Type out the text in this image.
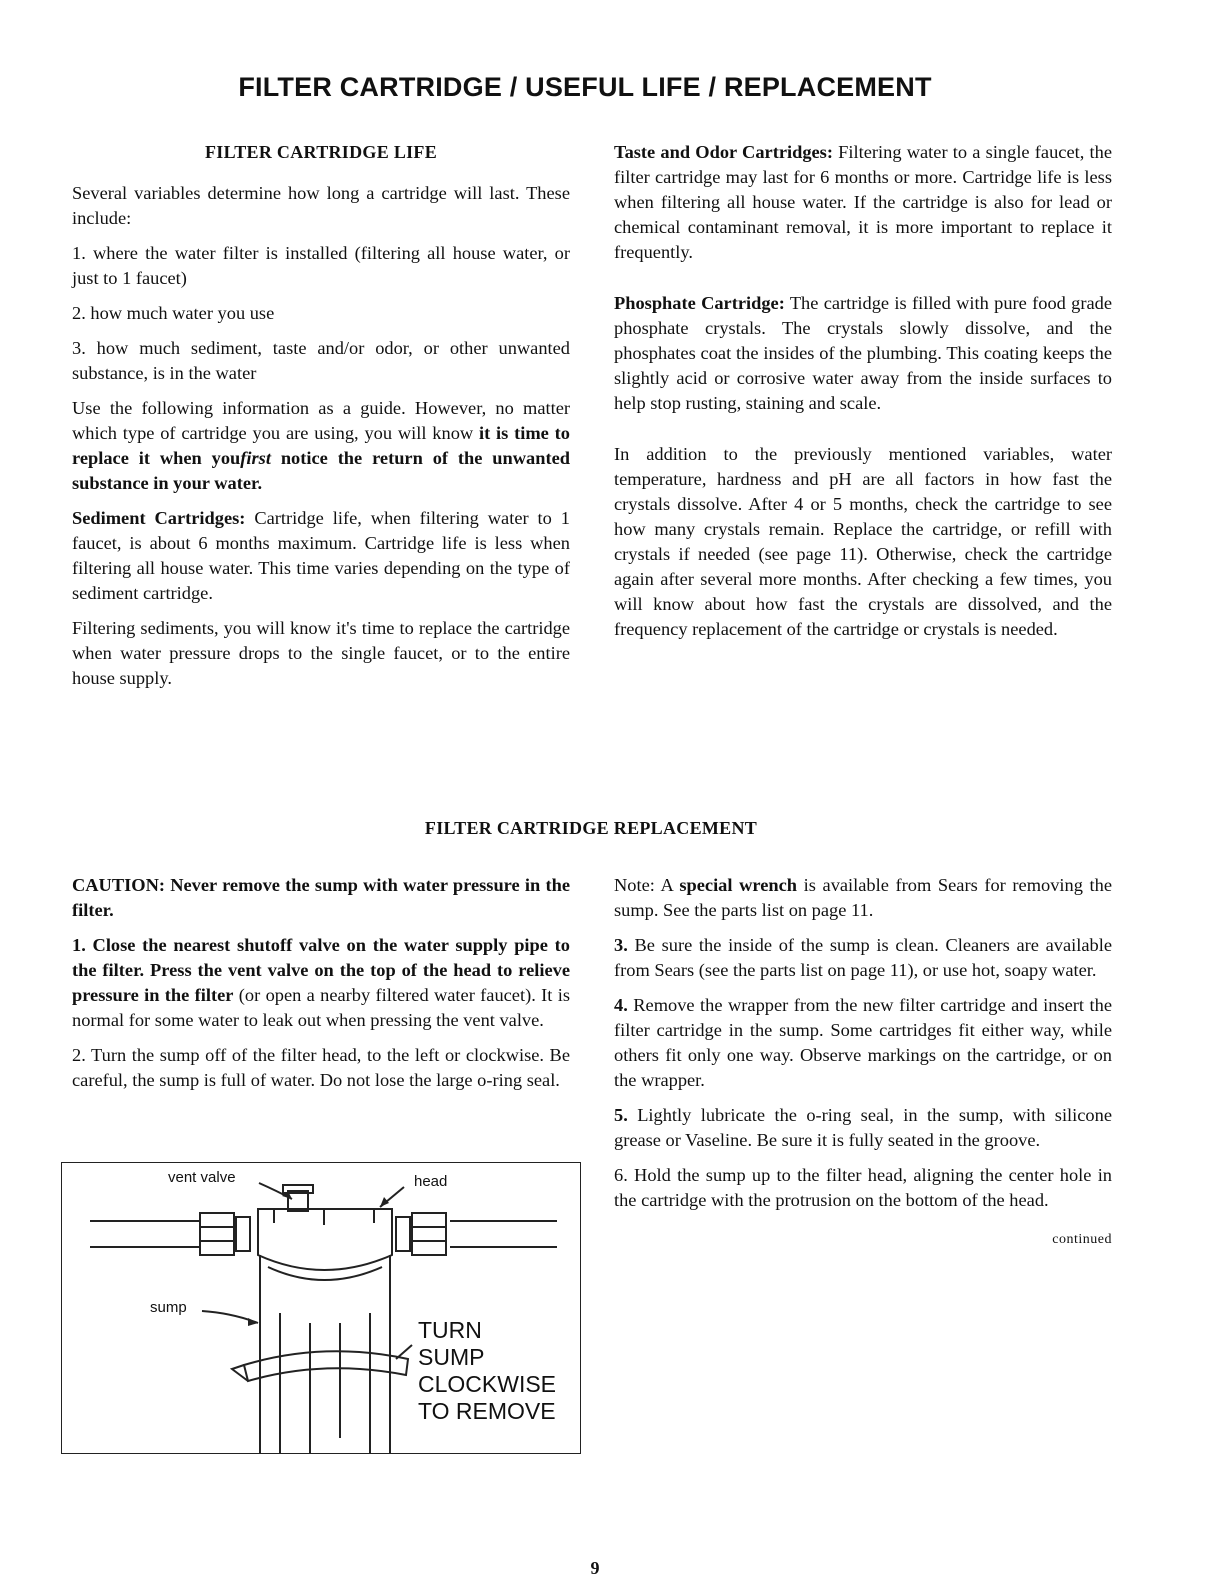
FILTER CARTRIDGE / USEFUL LIFE / REPLACEMENT
FILTER CARTRIDGE LIFE

Several variables determine how long a cartridge will last. These include:

1. where the water filter is installed (filtering all house water, or just to 1 faucet)

2. how much water you use

3. how much sediment, taste and/or odor, or other unwanted substance, is in the water

Use the following information as a guide. However, no matter which type of cartridge you are using, you will know it is time to replace it when youfirst notice the return of the unwanted substance in your water.

Sediment Cartridges: Cartridge life, when filtering water to 1 faucet, is about 6 months maximum. Cartridge life is less when filtering all house water. This time varies depending on the type of sediment cartridge.

Filtering sediments, you will know it's time to replace the cartridge when water pressure drops to the single faucet, or to the entire house supply.

Taste and Odor Cartridges: Filtering water to a single faucet, the filter cartridge may last for 6 months or more. Cartridge life is less when filtering all house water. If the cartridge is also for lead or chemical contaminant removal, it is more important to replace it frequently.

Phosphate Cartridge: The cartridge is filled with pure food grade phosphate crystals. The crystals slowly dissolve, and the phosphates coat the insides of the plumbing. This coating keeps the slightly acid or corrosive water away from the inside surfaces to help stop rusting, staining and scale.

In addition to the previously mentioned variables, water temperature, hardness and pH are all factors in how fast the crystals dissolve. After 4 or 5 months, check the cartridge to see how many crystals remain. Replace the cartridge, or refill with crystals if needed (see page 11). Otherwise, check the cartridge again after several more months. After checking a few times, you will know about how fast the crystals are dissolved, and the frequency replacement of the cartridge or crystals is needed.

FILTER CARTRIDGE REPLACEMENT

CAUTION: Never remove the sump with water pressure in the filter.

1. Close the nearest shutoff valve on the water supply pipe to the filter. Press the vent valve on the top of the head to relieve pressure in the filter (or open a nearby filtered water faucet). It is normal for some water to leak out when pressing the vent valve.

2. Turn the sump off of the filter head, to the left or clockwise. Be careful, the sump is full of water. Do not lose the large o-ring seal.

vent valve	head
sump
TURN
SUMP
CLOCKWISE
TO REMOVE

Note: A special wrench is available from Sears for removing the sump. See the parts list on page 11.

3. Be sure the inside of the sump is clean. Cleaners are available from Sears (see the parts list on page 11), or use hot, soapy water.

4. Remove the wrapper from the new filter cartridge and insert the filter cartridge in the sump. Some cartridges fit either way, while others fit only one way. Observe markings on the cartridge, or on the wrapper.

5. Lightly lubricate the o-ring seal, in the sump, with silicone grease or Vaseline. Be sure it is fully seated in the groove.

6. Hold the sump up to the filter head, aligning the center hole in the cartridge with the protrusion on the bottom of the head.

continued
9
